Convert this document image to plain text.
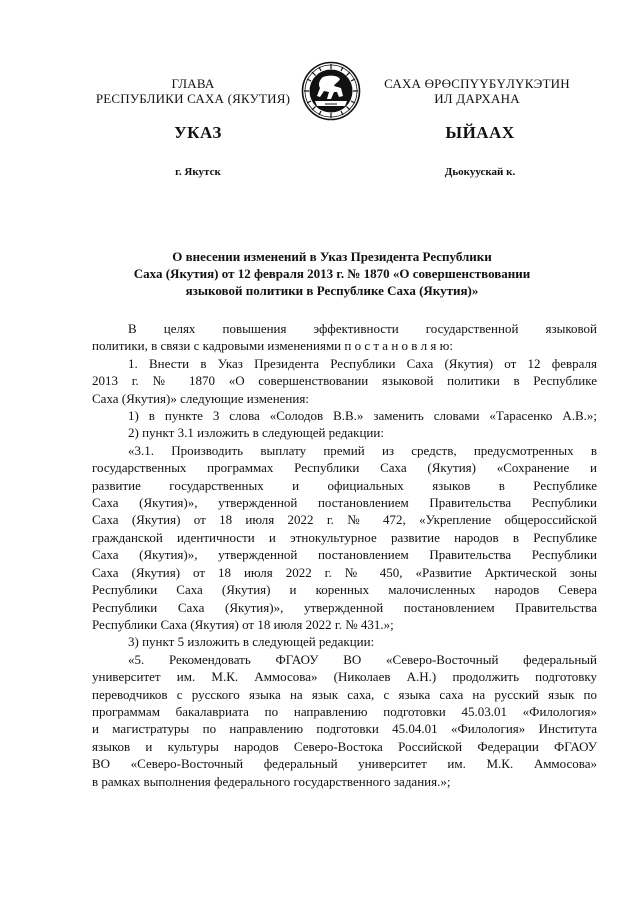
ГЛАВА
РЕСПУБЛИКИ САХА (ЯКУТИЯ)
САХА ӨРӨСПҮҮБҮЛҮКЭТИН
ИЛ ДАРХАНА
УКАЗ	ЫЙААХ
г. Якутск	Дьокуускай к.
О внесении изменений в Указ Президента Республики
Саха (Якутия) от 12 февраля 2013 г. № 1870 «О совершенствовании
языковой политики в Республике Саха (Якутия)»
В целях повышения эффективности государственной языковой
политики, в связи с кадровыми изменениями п о с т а н о в л я ю:
1. Внести в Указ Президента Республики Саха (Якутия) от 12 февраля
2013 г. № 1870 «О совершенствовании языковой политики в Республике
Саха (Якутия)» следующие изменения:
1) в пункте 3 слова «Солодов В.В.» заменить словами «Тарасенко А.В.»;
2) пункт 3.1 изложить в следующей редакции:
«3.1. Производить выплату премий из средств, предусмотренных в
государственных программах Республики Саха (Якутия) «Сохранение и
развитие государственных и официальных языков в Республике
Саха (Якутия)», утвержденной постановлением Правительства Республики
Саха (Якутия) от 18 июля 2022 г. № 472, «Укрепление общероссийской
гражданской идентичности и этнокультурное развитие народов в Республике
Саха (Якутия)», утвержденной постановлением Правительства Республики
Саха (Якутия) от 18 июля 2022 г. № 450, «Развитие Арктической зоны
Республики Саха (Якутия) и коренных малочисленных народов Севера
Республики Саха (Якутия)», утвержденной постановлением Правительства
Республики Саха (Якутия) от 18 июля 2022 г. № 431.»;
3) пункт 5 изложить в следующей редакции:
«5. Рекомендовать ФГАОУ ВО «Северо-Восточный федеральный
университет им. М.К. Аммосова» (Николаев А.Н.) продолжить подготовку
переводчиков с русского языка на язык саха, с языка саха на русский язык по
программам бакалавриата по направлению подготовки 45.03.01 «Филология»
и магистратуры по направлению подготовки 45.04.01 «Филология» Института
языков и культуры народов Северо-Востока Российской Федерации ФГАОУ
ВО «Северо-Восточный федеральный университет им. М.К. Аммосова»
в рамках выполнения федерального государственного задания.»;
